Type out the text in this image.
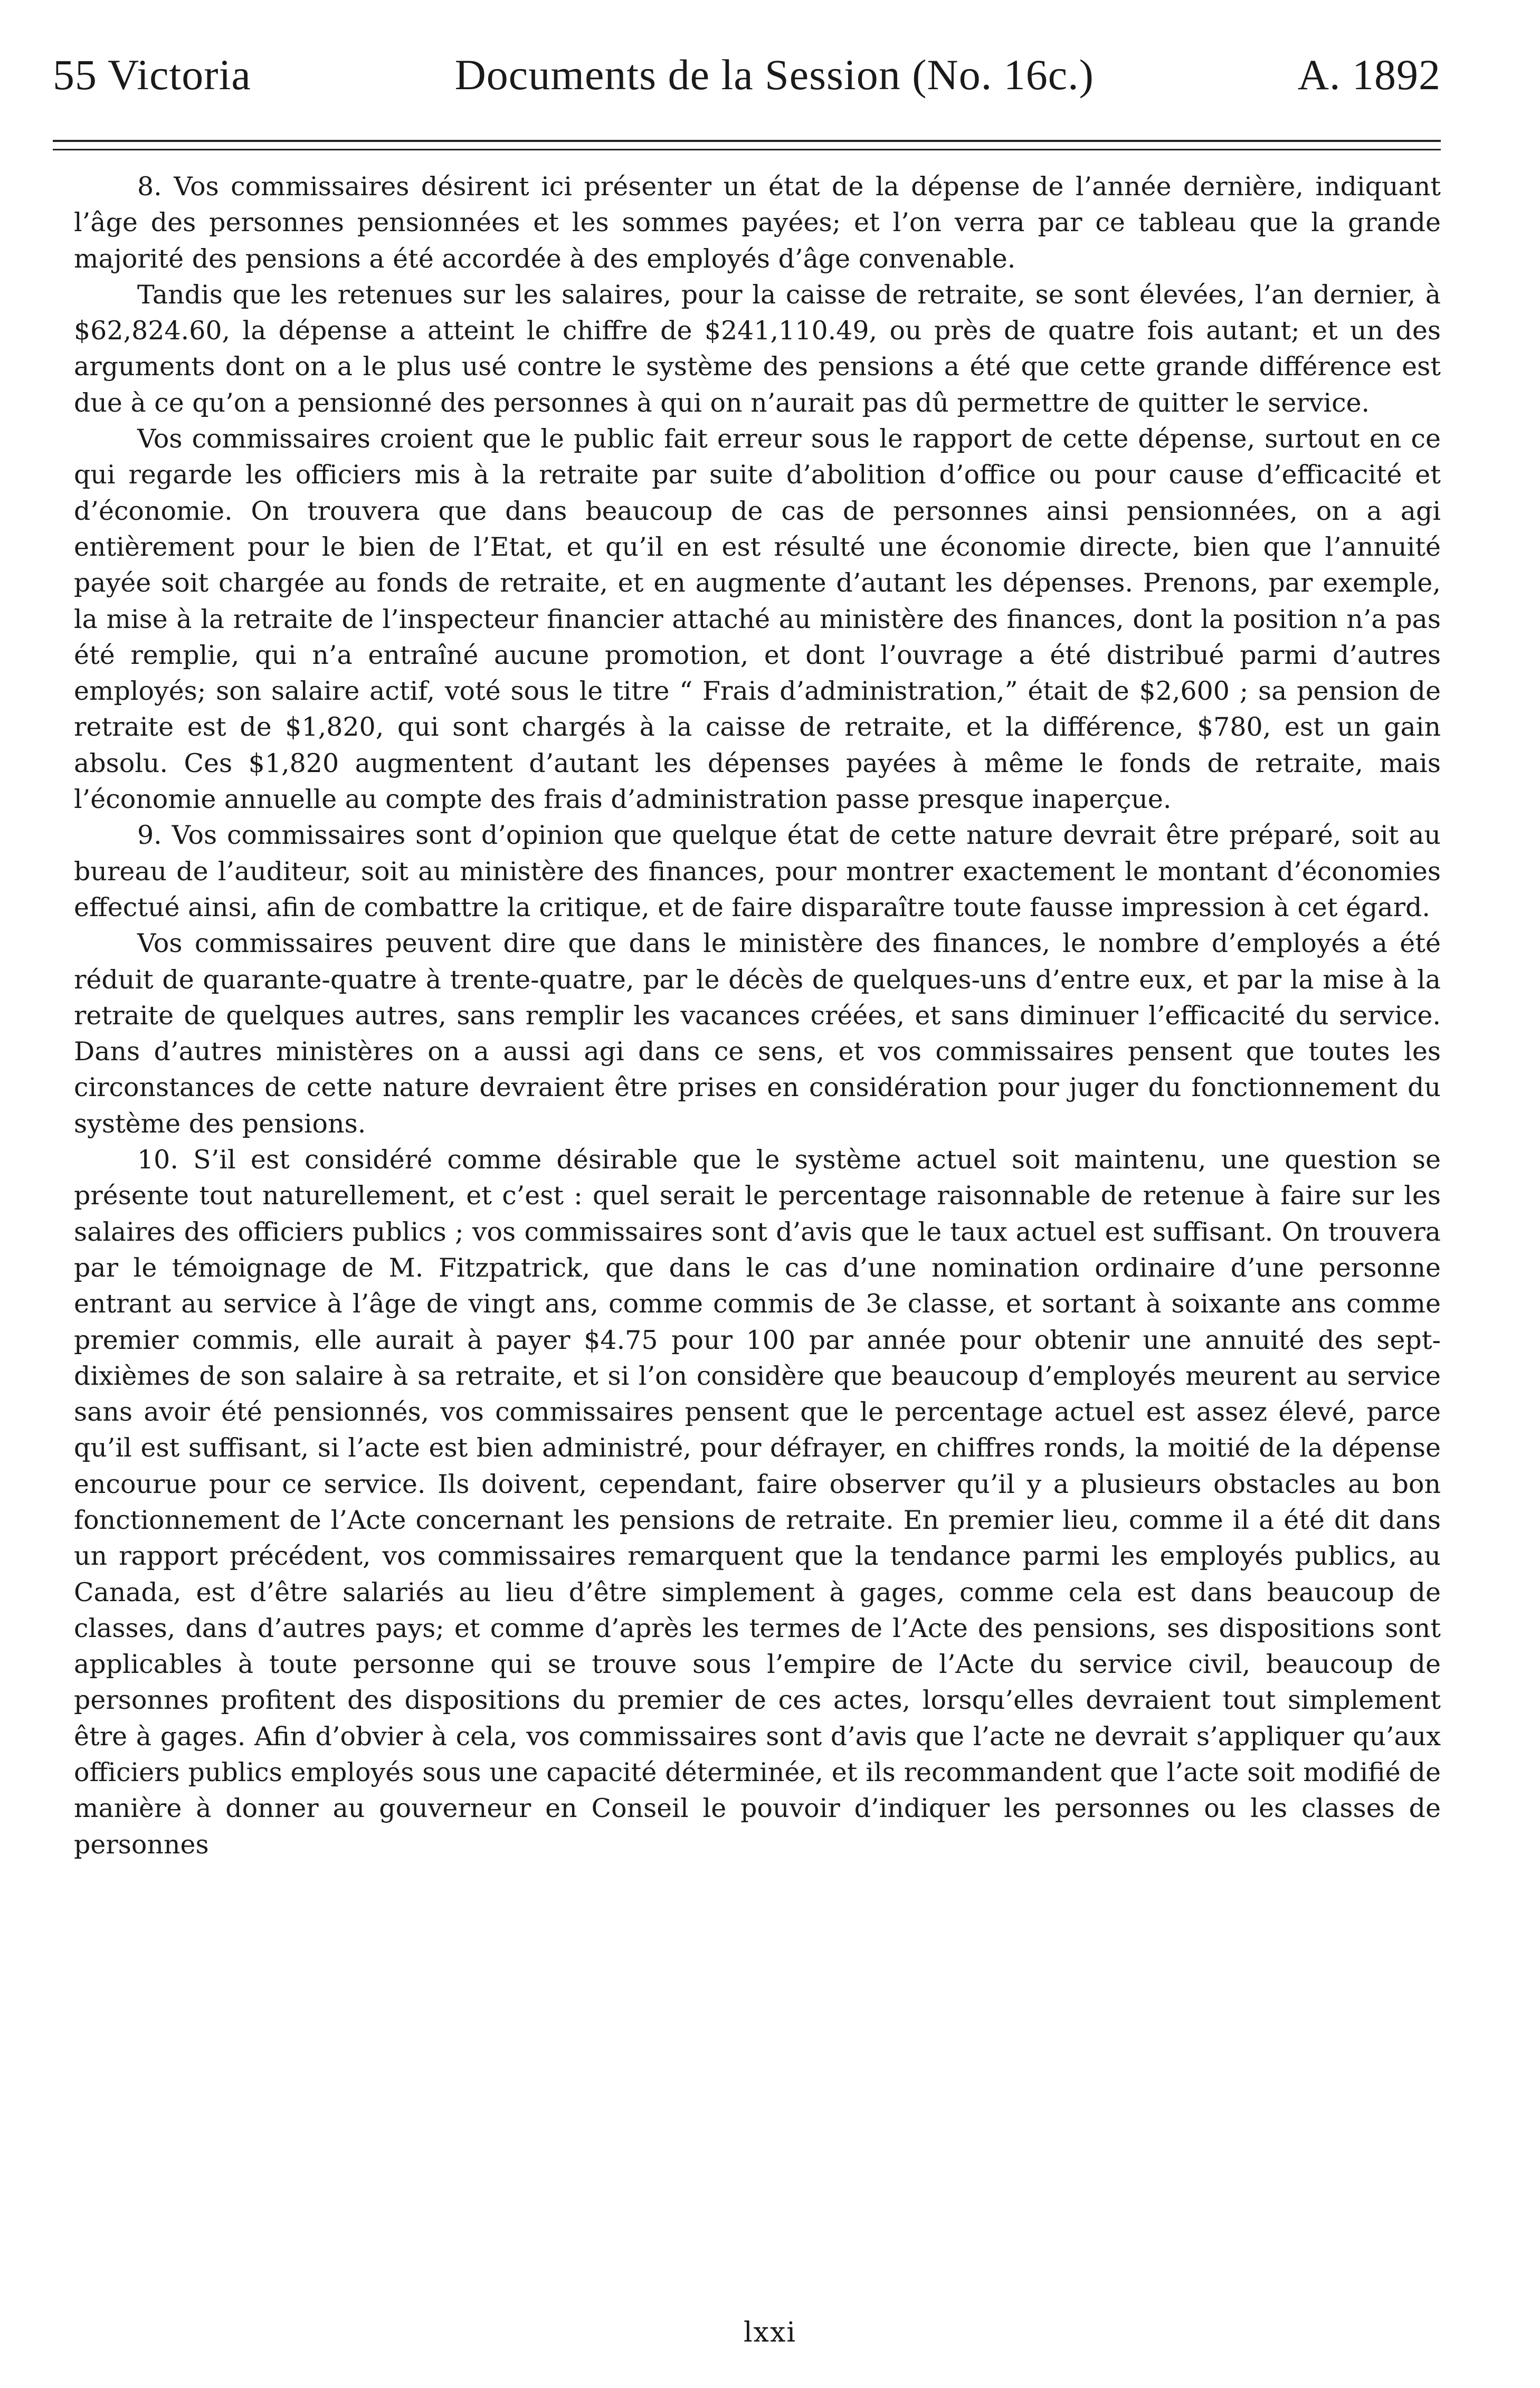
55 Victoria	Documents de la Session (No. 16c.)	A. 1892

8. Vos commissaires désirent ici présenter un état de la dépense de l’année dernière, indiquant l’âge des personnes pensionnées et les sommes payées; et l’on verra par ce tableau que la grande majorité des pensions a été accordée à des employés d’âge convenable.

Tandis que les retenues sur les salaires, pour la caisse de retraite, se sont élevées, l’an dernier, à $62,824.60, la dépense a atteint le chiffre de $241,110.49, ou près de quatre fois autant; et un des arguments dont on a le plus usé contre le système des pensions a été que cette grande différence est due à ce qu’on a pensionné des personnes à qui on n’aurait pas dû permettre de quitter le service.

Vos commissaires croient que le public fait erreur sous le rapport de cette dépense, surtout en ce qui regarde les officiers mis à la retraite par suite d’abolition d’office ou pour cause d’efficacité et d’économie. On trouvera que dans beaucoup de cas de personnes ainsi pensionnées, on a agi entièrement pour le bien de l’Etat, et qu’il en est résulté une économie directe, bien que l’annuité payée soit chargée au fonds de retraite, et en augmente d’autant les dépenses. Prenons, par exemple, la mise à la retraite de l’inspecteur financier attaché au ministère des finances, dont la position n’a pas été remplie, qui n’a entraîné aucune promotion, et dont l’ouvrage a été distribué parmi d’autres employés; son salaire actif, voté sous le titre “ Frais d’administration,” était de $2,600 ; sa pension de retraite est de $1,820, qui sont chargés à la caisse de retraite, et la différence, $780, est un gain absolu. Ces $1,820 augmentent d’autant les dépenses payées à même le fonds de retraite, mais l’économie annuelle au compte des frais d’administration passe presque inaperçue.

9. Vos commissaires sont d’opinion que quelque état de cette nature devrait être préparé, soit au bureau de l’auditeur, soit au ministère des finances, pour montrer exactement le montant d’économies effectué ainsi, afin de combattre la critique, et de faire disparaître toute fausse impression à cet égard.

Vos commissaires peuvent dire que dans le ministère des finances, le nombre d’employés a été réduit de quarante-quatre à trente-quatre, par le décès de quelques-uns d’entre eux, et par la mise à la retraite de quelques autres, sans remplir les vacances créées, et sans diminuer l’efficacité du service. Dans d’autres ministères on a aussi agi dans ce sens, et vos commissaires pensent que toutes les circonstances de cette nature devraient être prises en considération pour juger du fonctionnement du système des pensions.

10. S’il est considéré comme désirable que le système actuel soit maintenu, une question se présente tout naturellement, et c’est : quel serait le percentage raisonnable de retenue à faire sur les salaires des officiers publics ; vos commissaires sont d’avis que le taux actuel est suffisant. On trouvera par le témoignage de M. Fitzpatrick, que dans le cas d’une nomination ordinaire d’une personne entrant au service à l’âge de vingt ans, comme commis de 3e classe, et sortant à soixante ans comme premier commis, elle aurait à payer $4.75 pour 100 par année pour obtenir une annuité des sept-dixièmes de son salaire à sa retraite, et si l’on considère que beaucoup d’employés meurent au service sans avoir été pensionnés, vos commissaires pensent que le percentage actuel est assez élevé, parce qu’il est suffisant, si l’acte est bien administré, pour défrayer, en chiffres ronds, la moitié de la dépense encourue pour ce service. Ils doivent, cependant, faire observer qu’il y a plusieurs obstacles au bon fonctionnement de l’Acte concernant les pensions de retraite. En premier lieu, comme il a été dit dans un rapport précédent, vos commissaires remarquent que la tendance parmi les employés publics, au Canada, est d’être salariés au lieu d’être simplement à gages, comme cela est dans beaucoup de classes, dans d’autres pays; et comme d’après les termes de l’Acte des pensions, ses dispositions sont applicables à toute personne qui se trouve sous l’empire de l’Acte du service civil, beaucoup de personnes profitent des dispositions du premier de ces actes, lorsqu’elles devraient tout simplement être à gages. Afin d’obvier à cela, vos commissaires sont d’avis que l’acte ne devrait s’appliquer qu’aux officiers publics employés sous une capacité déterminée, et ils recommandent que l’acte soit modifié de manière à donner au gouverneur en Conseil le pouvoir d’indiquer les personnes ou les classes de personnes

lxxi
